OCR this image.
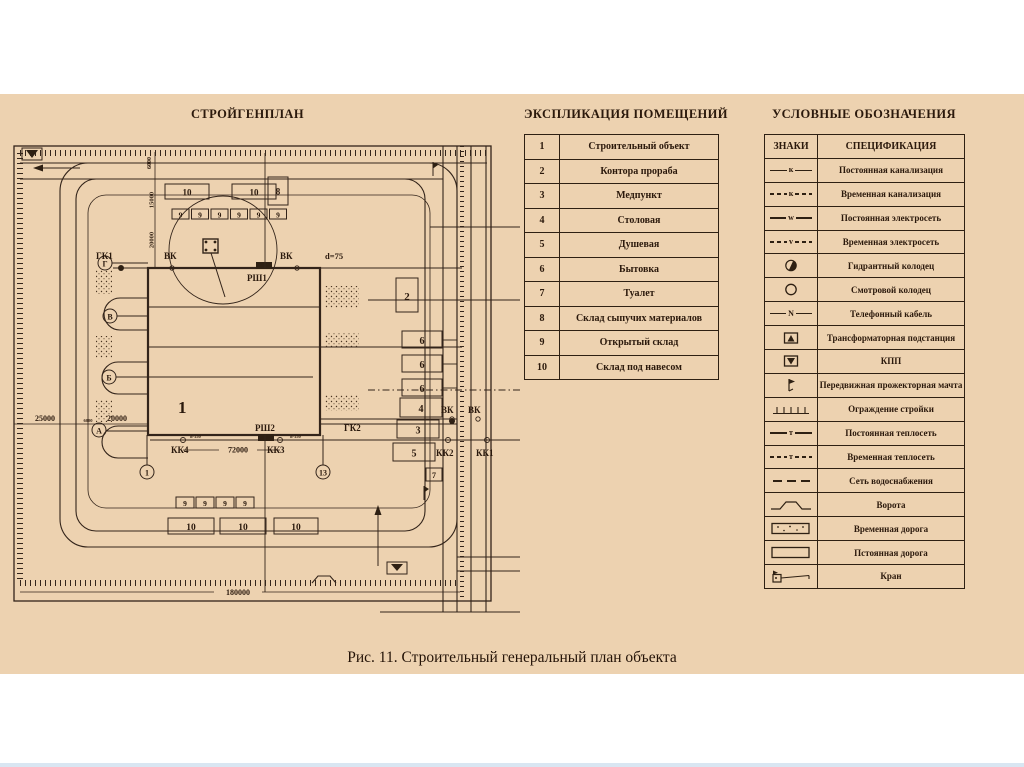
СТРОЙГЕНПЛАН	ЭКСПЛИКАЦИЯ ПОМЕЩЕНИЙ	УСЛОВНЫЕ ОБОЗНАЧЕНИЯ
1
Г
В
Б
А
1	13
10	10 8
9 9 9 9 9 9
2
6
6
6
4
3
5
7
9 9 9 9
10	10	10
25000	6000 20000
6000
15000
20000
72000
180000
d=75
d-150	d-150
ГК1	ВК	ВК
РШ1
РШ2
КК4	КК3
ГК2
ВК ВК
КК2 КК1
1	Строительный объект
2	Контора прораба
3	Медпункт
4	Столовая
5	Душевая
6	Бытовка
7	Туалет
8	Склад сыпучих материалов
9	Открытый склад
10	Склад под навесом
ЗНАКИ	СПЕЦИФИКАЦИЯ

к	Постоянная канализация

к	Временная канализация

w	Постоянная электросеть

v	Временная электросеть

	Гидрантный колодец

	Смотровой колодец

N	Телефонный кабель

	Трансформаторная подстанция

	КПП

	Передвижная прожекторная мачта

	Ограждение стройки

т	Постоянная теплосеть

т	Временная теплосеть

	Сеть водоснабжения

	Ворота

	Временная дорога

	Пстоянная дорога

	Кран
Рис. 11. Строительный генеральный план объекта
